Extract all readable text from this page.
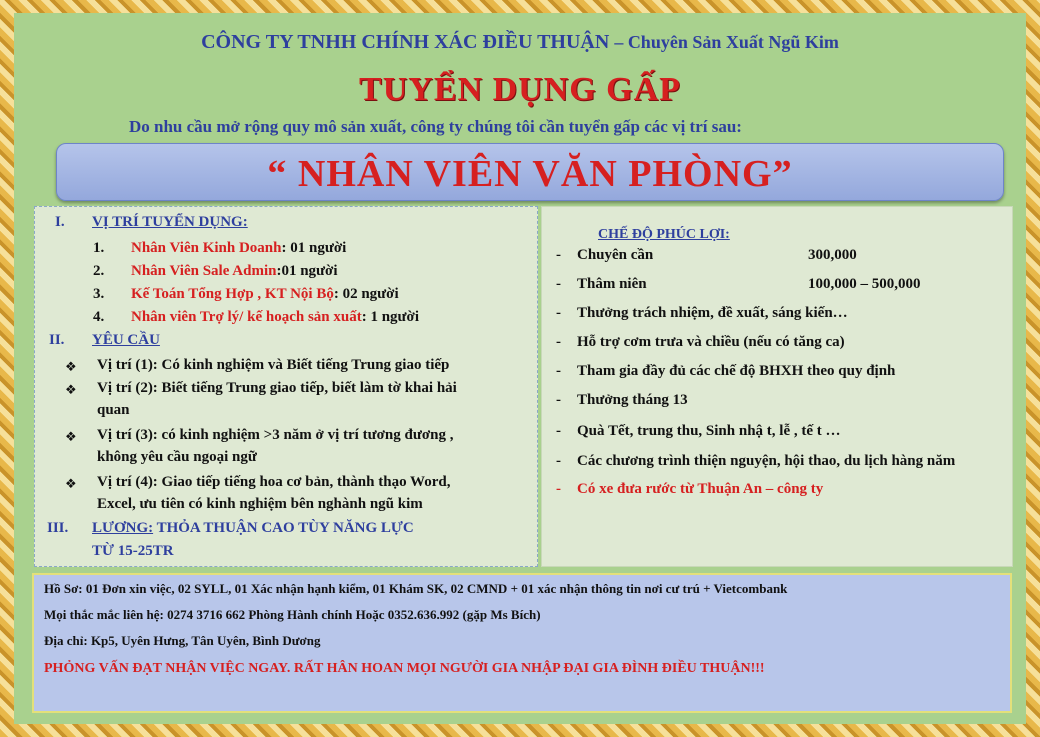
CÔNG TY TNHH CHÍNH XÁC ĐIỀU THUẬN – Chuyên Sản Xuất Ngũ Kim
TUYỂN DỤNG GẤP
Do nhu cầu mở rộng quy mô sản xuất, công ty chúng tôi cần tuyển gấp các vị trí sau:
“ NHÂN VIÊN VĂN PHÒNG”
I. VỊ TRÍ TUYỂN DỤNG:
1. Nhân Viên Kinh Doanh: 01 người
2. Nhân Viên Sale Admin:01 người
3. Kế Toán Tổng Hợp , KT Nội Bộ: 02 người
4. Nhân viên Trợ lý/ kế hoạch sản xuất: 1 người
II. YÊU CẦU
❖ Vị trí (1): Có kinh nghiệm và Biết tiếng Trung giao tiếp
❖ Vị trí (2): Biết tiếng Trung giao tiếp, biết làm tờ khai hải
quan
❖ Vị trí (3): có kinh nghiệm >3 năm ở vị trí tương đương ,
không yêu cầu ngoại ngữ
❖ Vị trí (4): Giao tiếp tiếng hoa cơ bản, thành thạo Word,
Excel, ưu tiên có kinh nghiệm bên nghành ngũ kim
III. LƯƠNG: THỎA THUẬN CAO TÙY NĂNG LỰC
TỪ 15-25TR
CHẾ ĐỘ PHÚC LỢI:
- Chuyên cần	300,000
- Thâm niên	100,000 – 500,000
- Thưởng trách nhiệm, đề xuất, sáng kiến…
- Hỗ trợ cơm trưa và chiều (nếu có tăng ca)
- Tham gia đầy đủ các chế độ BHXH theo quy định
- Thưởng tháng 13
- Quà Tết, trung thu, Sinh nhậ t, lễ , tế t …
- Các chương trình thiện nguyện, hội thao, du lịch hàng năm
- Có xe đưa rước từ Thuận An – công ty
Hồ Sơ: 01 Đơn xin việc, 02 SYLL, 01 Xác nhận hạnh kiểm, 01 Khám SK, 02 CMND + 01 xác nhận thông tin nơi cư trú + Vietcombank
Mọi thắc mắc liên hệ: 0274 3716 662 Phòng Hành chính Hoặc 0352.636.992 (gặp Ms Bích)
Địa chỉ: Kp5, Uyên Hưng, Tân Uyên, Bình Dương
PHỎNG VẤN ĐẠT NHẬN VIỆC NGAY. RẤT HÂN HOAN MỌI NGƯỜI GIA NHẬP ĐẠI GIA ĐÌNH ĐIỀU THUẬN!!!
